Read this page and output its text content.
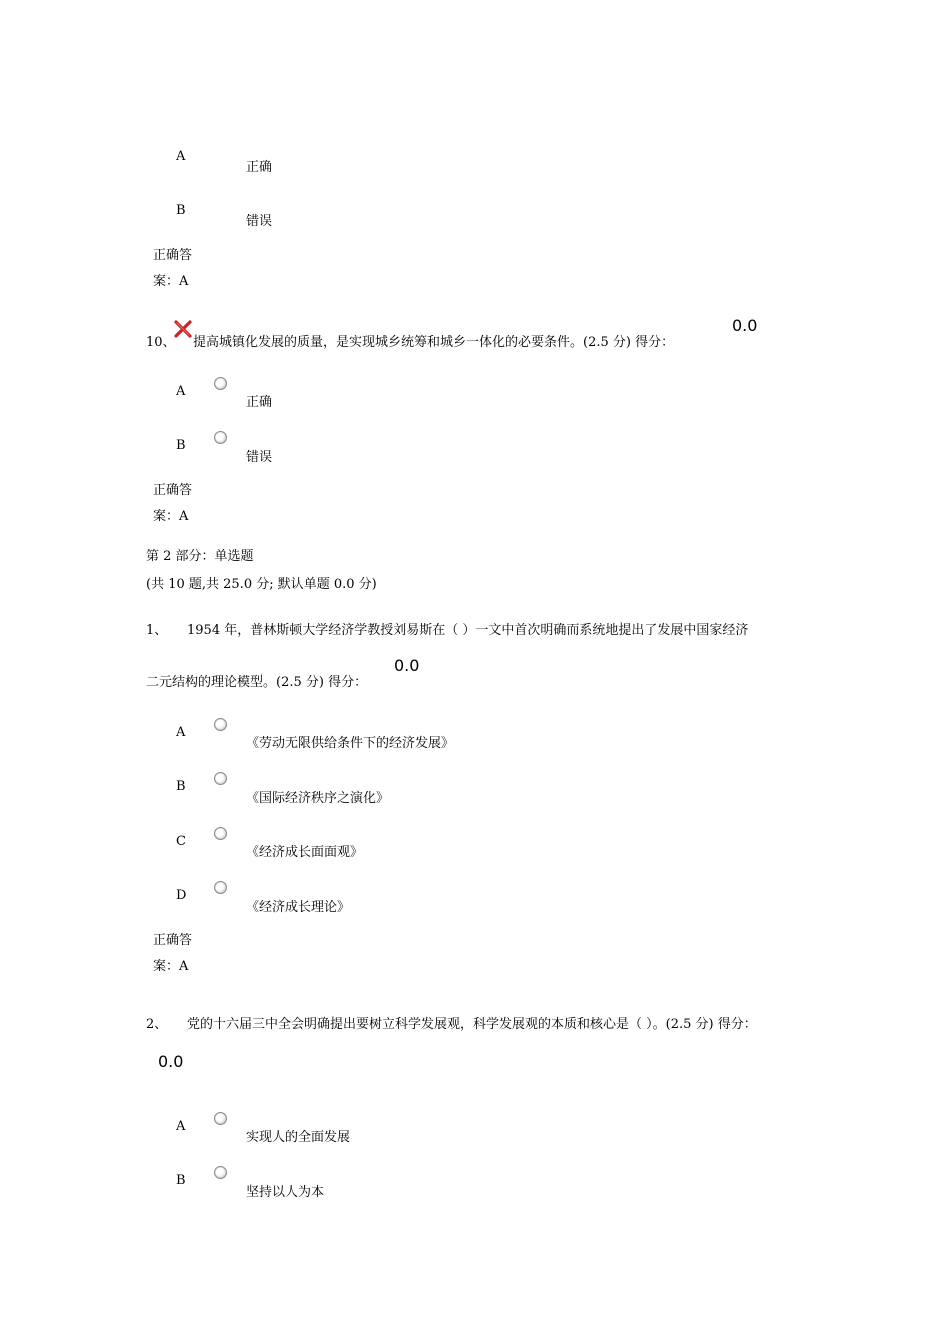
A
正确
B
错误
正确答
案：A
10、 提高城镇化发展的质量，是实现城乡统筹和城乡一体化的必要条件。(2.5 分) 得分：
0.0
A
正确
B
错误
正确答
案：A
第 2 部分：单选题
(共 10 题,共 25.0 分; 默认单题 0.0 分)
1、 1954 年，普林斯顿大学经济学教授刘易斯在（ ）一文中首次明确而系统地提出了发展中国家经济
二元结构的理论模型。(2.5 分) 得分：
0.0
A
《劳动无限供给条件下的经济发展》
B
《国际经济秩序之演化》
C
《经济成长面面观》
D
《经济成长理论》
正确答
案：A
2、 党的十六届三中全会明确提出要树立科学发展观，科学发展观的本质和核心是（ ）。(2.5 分) 得分：
0.0
A
实现人的全面发展
B
坚持以人为本
